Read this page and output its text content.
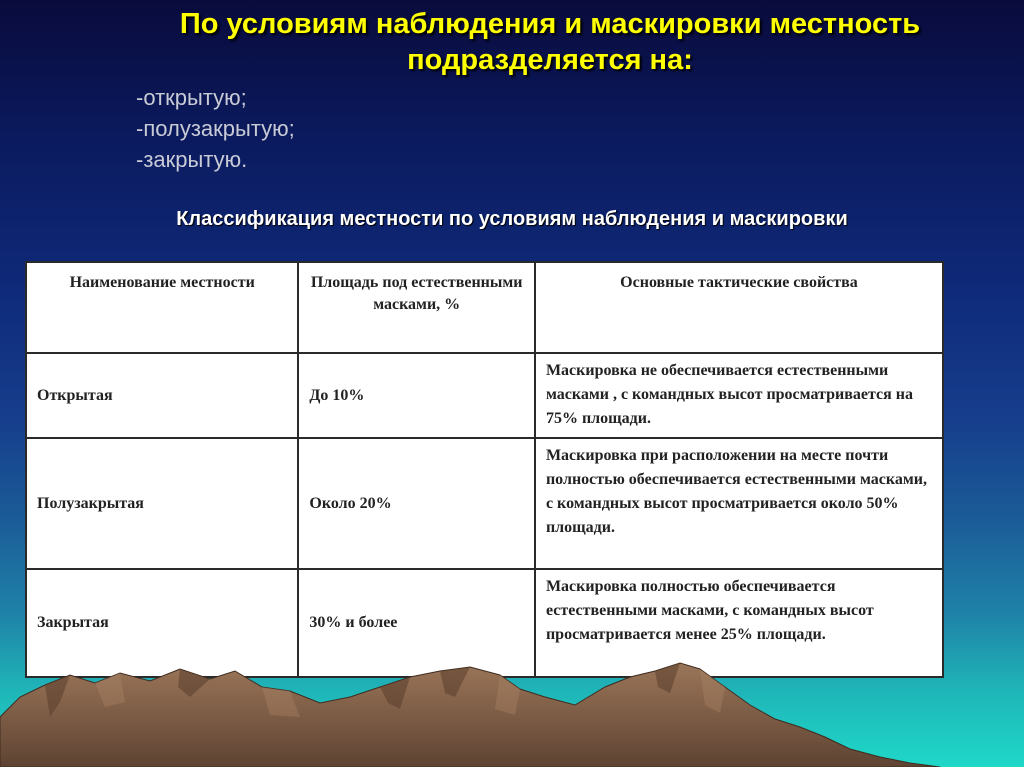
По условиям наблюдения и маскировки местность
подразделяется на:
-открытую;
-полузакрытую;
-закрытую.
Классификация местности по условиям наблюдения и маскировки
Наименование местности	Площадь под естественными масками, %	Основные тактические свойства
Открытая	До 10%	Маскировка не обеспечивается естественными масками , с командных высот просматривается на 75% площади.
Полузакрытая	Около 20%	Маскировка при расположении на месте почти полностью обеспечивается естественными масками, с командных высот просматривается около 50% площади.
Закрытая	30% и более	Маскировка полностью обеспечивается естественными масками, с командных высот просматривается менее 25% площади.
